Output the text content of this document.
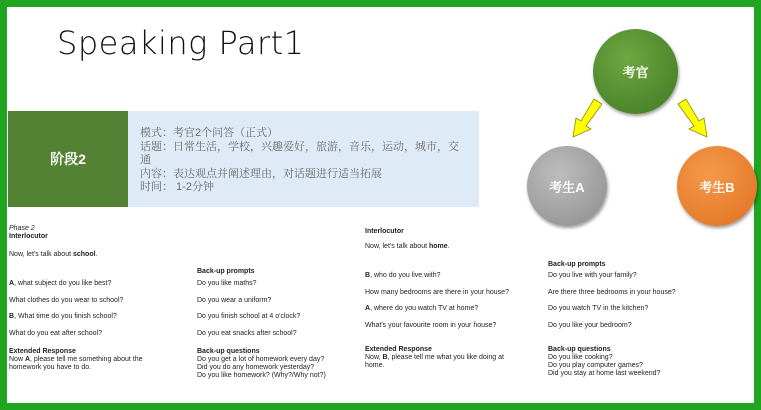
Speaking Part1
阶段2
模式：考官2个问答（正式）
话题：日常生活，学校，兴趣爱好，旅游，音乐，运动，城市，交通
内容：表达观点并阐述理由，对话题进行适当拓展
时间： 1-2分钟
考官
考生A	考生B
Phase 2
Interlocutor
Now, let's talk about school.
A, what subject do you like best?
What clothes do you wear to school?
B, What time do you finish school?
What do you eat after school?
Extended Response
Now A, please tell me something about the
homework you have to do.
Back-up prompts
Do you like maths?
Do you wear a uniform?
Do you finish school at 4 o'clock?
Do you eat snacks after school?
Back-up questions
Do you get a lot of homework every day?
Did you do any homework yesterday?
Do you like homework? (Why?/Why not?)
Interlocutor
Now, let's talk about home.
B, who do you live with?
How many bedrooms are there in your house?
A, where do you watch TV at home?
What's your favourite room in your house?
Extended Response
Now, B, please tell me what you like doing at
home.
Back-up prompts
Do you live with your family?
Are there three bedrooms in your house?
Do you watch TV in the kitchen?
Do you like your bedroom?
Back-up questions
Do you like cooking?
Do you play computer games?
Did you stay at home last weekend?
